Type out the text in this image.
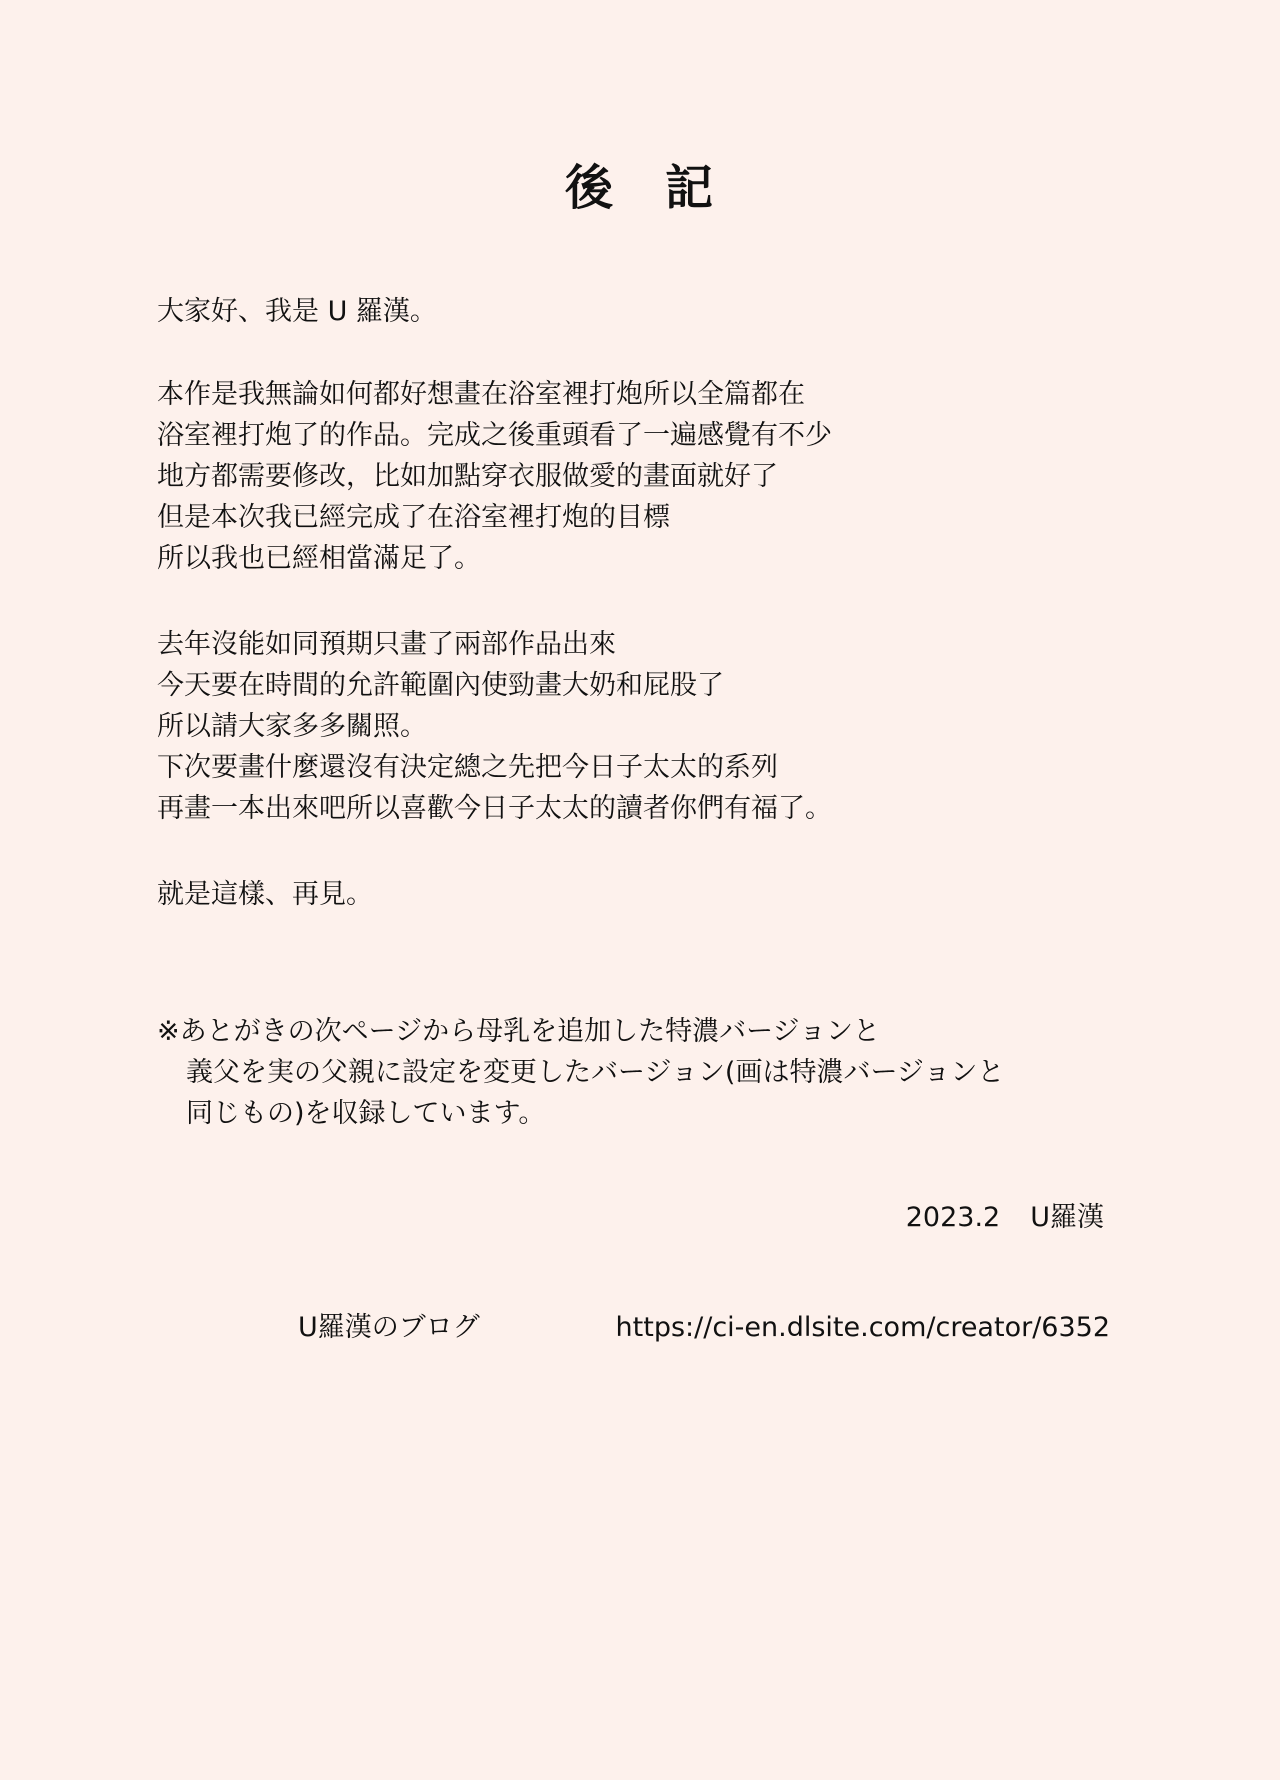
後 記
大家好、我是 U 羅漢。
本作是我無論如何都好想畫在浴室裡打炮所以全篇都在
浴室裡打炮了的作品。完成之後重頭看了一遍感覺有不少
地方都需要修改，比如加點穿衣服做愛的畫面就好了
但是本次我已經完成了在浴室裡打炮的目標
所以我也已經相當滿足了。
去年沒能如同預期只畫了兩部作品出來
今天要在時間的允許範圍內使勁畫大奶和屁股了
所以請大家多多關照。
下次要畫什麼還沒有決定總之先把今日子太太的系列
再畫一本出來吧所以喜歡今日子太太的讀者你們有福了。
就是這樣、再見。
※あとがきの次ページから母乳を追加した特濃バージョンと
義父を実の父親に設定を変更したバージョン(画は特濃バージョンと
同じもの)を収録しています。
2023.2 U羅漢
U羅漢のブログ	https://ci-en.dlsite.com/creator/6352
